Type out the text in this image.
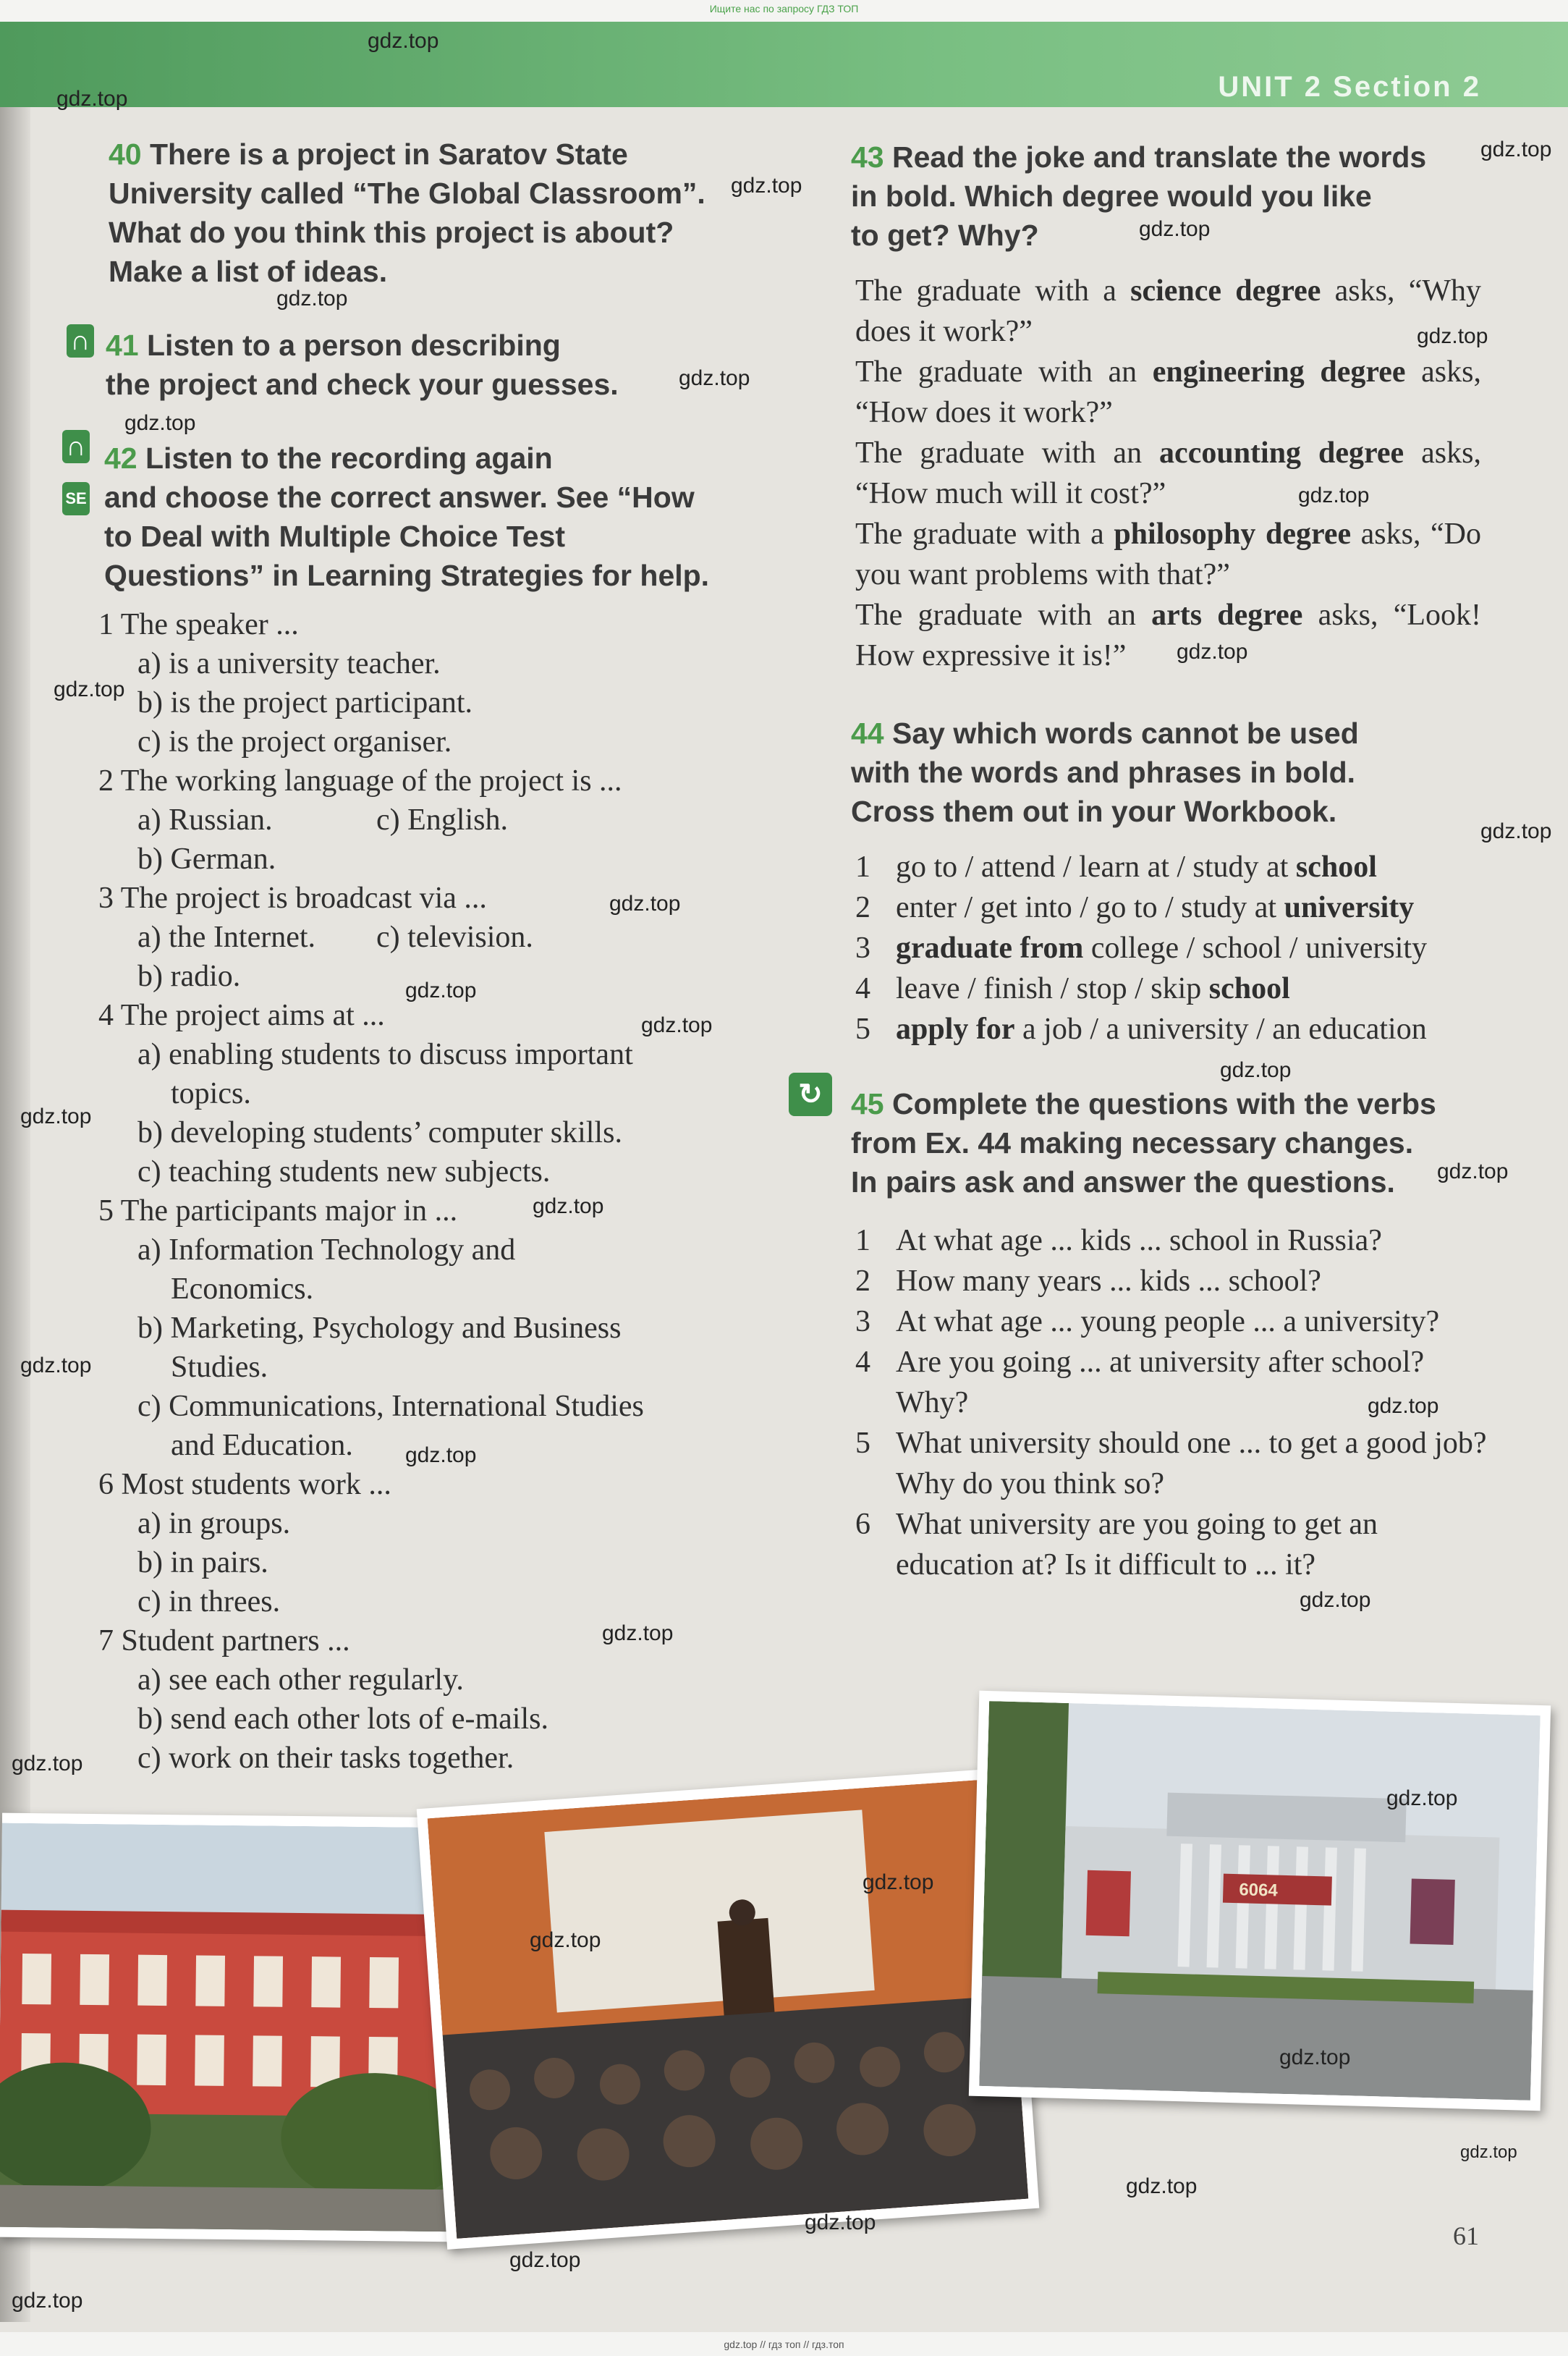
Ищите нас по запросу ГДЗ ТОП
UNIT 2 Section 2
40 There is a project in Saratov State
University called “The Global Classroom”.
What do you think this project is about?
Make a list of ideas.
∩
41 Listen to a person describing
the project and check your guesses.
∩
SE
42 Listen to the recording again
and choose the correct answer. See “How
to Deal with Multiple Choice Test
Questions” in Learning Strategies for help.
1 The speaker ...
a) is a university teacher.
b) is the project participant.
c) is the project organiser.
2 The working language of the project is ...
a) Russian.	c) English.
b) German.
3 The project is broadcast via ...
a) the Internet. c) television.
b) radio.
4 The project aims at ...
a) enabling students to discuss important
topics.
b) developing students’ computer skills.
c) teaching students new subjects.
5 The participants major in ...
a) Information Technology and
Economics.
b) Marketing, Psychology and Business
Studies.
c) Communications, International Studies
and Education.
6 Most students work ...
a) in groups.
b) in pairs.
c) in threes.
7 Student partners ...
a) see each other regularly.
b) send each other lots of e-mails.
c) work on their tasks together.
43 Read the joke and translate the words
in bold. Which degree would you like
to get? Why?
The graduate with a science degree asks, “Why does it work?”
The graduate with an engineering degree asks, “How does it work?”
The graduate with an accounting degree asks, “How much will it cost?”
The graduate with a philosophy degree asks, “Do you want problems with that?”
The graduate with an arts degree asks, “Look! How expressive it is!”
44 Say which words cannot be used
with the words and phrases in bold.
Cross them out in your Workbook.
1 go to / attend / learn at / study at school
2 enter / get into / go to / study at university
3 graduate from college / school / university
4 leave / finish / stop / skip school
5 apply for a job / a university / an education
↻ 45 Complete the questions with the verbs
from Ex. 44 making necessary changes.
In pairs ask and answer the questions.
1 At what age ... kids ... school in Russia?
2 How many years ... kids ... school?
3 At what age ... young people ... a university?
4 Are you going ... at university after school? Why?
5 What university should one ... to get a good job? Why do you think so?
6 What university are you going to get an education at? Is it difficult to ... it?
6064
gdz.top
gdz.top
gdz.top
gdz.top
gdz.top
gdz.top
gdz.top
gdz.top
gdz.top
gdz.top
gdz.top
gdz.top
gdz.top
gdz.top
gdz.top
gdz.top
gdz.top
gdz.top
gdz.top
gdz.top
gdz.top
gdz.top
gdz.top
gdz.top
gdz.top
gdz.top
gdz.top
gdz.top
gdz.top
gdz.top
gdz.top
gdz.top
gdz.top
gdz.top
gdz.top
61
gdz.top // гдз топ // гдз.топ
